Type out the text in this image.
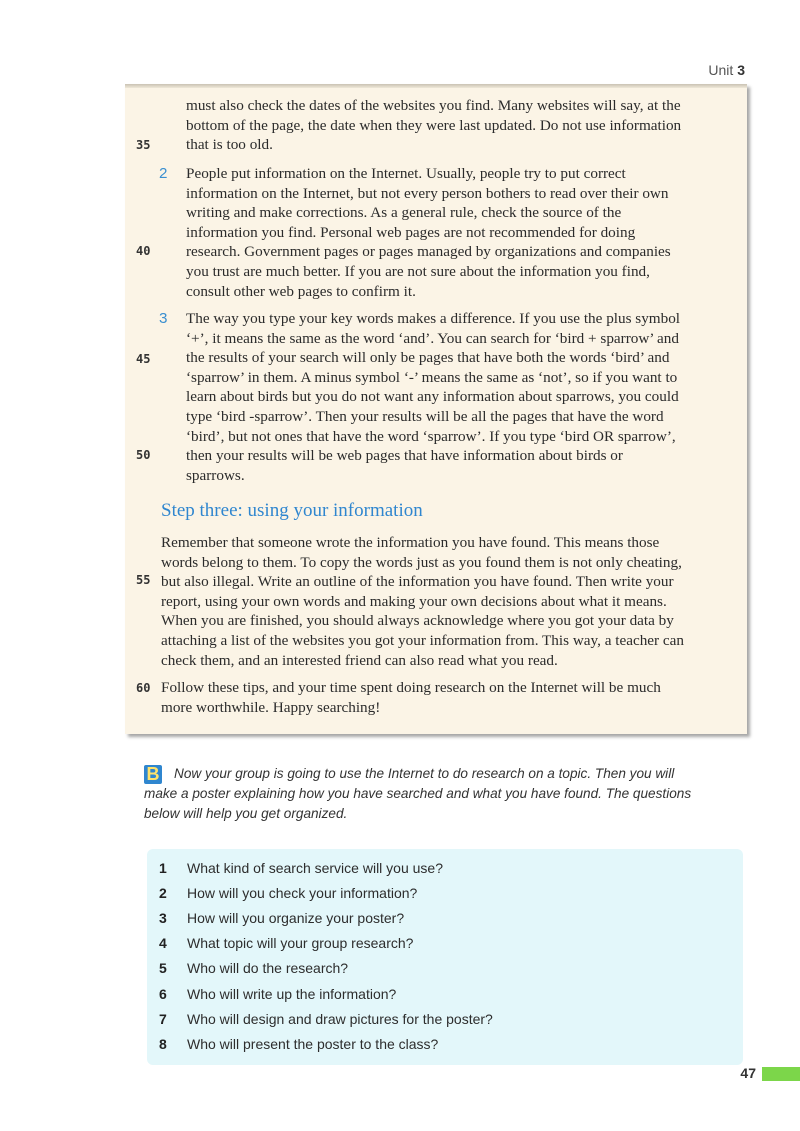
Unit 3
35
40
45
50
55
60
must also check the dates of the websites you find. Many websites will say, at the
bottom of the page, the date when they were last updated. Do not use information
that is too old.
2 People put information on the Internet. Usually, people try to put correct
information on the Internet, but not every person bothers to read over their own
writing and make corrections. As a general rule, check the source of the
information you find. Personal web pages are not recommended for doing
research. Government pages or pages managed by organizations and companies
you trust are much better. If you are not sure about the information you find,
consult other web pages to confirm it.
3 The way you type your key words makes a difference. If you use the plus symbol
‘+’, it means the same as the word ‘and’. You can search for ‘bird + sparrow’ and
the results of your search will only be pages that have both the words ‘bird’ and
‘sparrow’ in them. A minus symbol ‘-’ means the same as ‘not’, so if you want to
learn about birds but you do not want any information about sparrows, you could
type ‘bird -sparrow’. Then your results will be all the pages that have the word
‘bird’, but not ones that have the word ‘sparrow’. If you type ‘bird OR sparrow’,
then your results will be web pages that have information about birds or
sparrows.
Step three: using your information
Remember that someone wrote the information you have found. This means those
words belong to them. To copy the words just as you found them is not only cheating,
but also illegal. Write an outline of the information you have found. Then write your
report, using your own words and making your own decisions about what it means.
When you are finished, you should always acknowledge where you got your data by
attaching a list of the websites you got your information from. This way, a teacher can
check them, and an interested friend can also read what you read.
Follow these tips, and your time spent doing research on the Internet will be much
more worthwhile. Happy searching!
B Now your group is going to use the Internet to do research on a topic. Then you will
make a poster explaining how you have searched and what you have found. The questions
below will help you get organized.
1 What kind of search service will you use?
2 How will you check your information?
3 How will you organize your poster?
4 What topic will your group research?
5 Who will do the research?
6 Who will write up the information?
7 Who will design and draw pictures for the poster?
8 Who will present the poster to the class?
47
